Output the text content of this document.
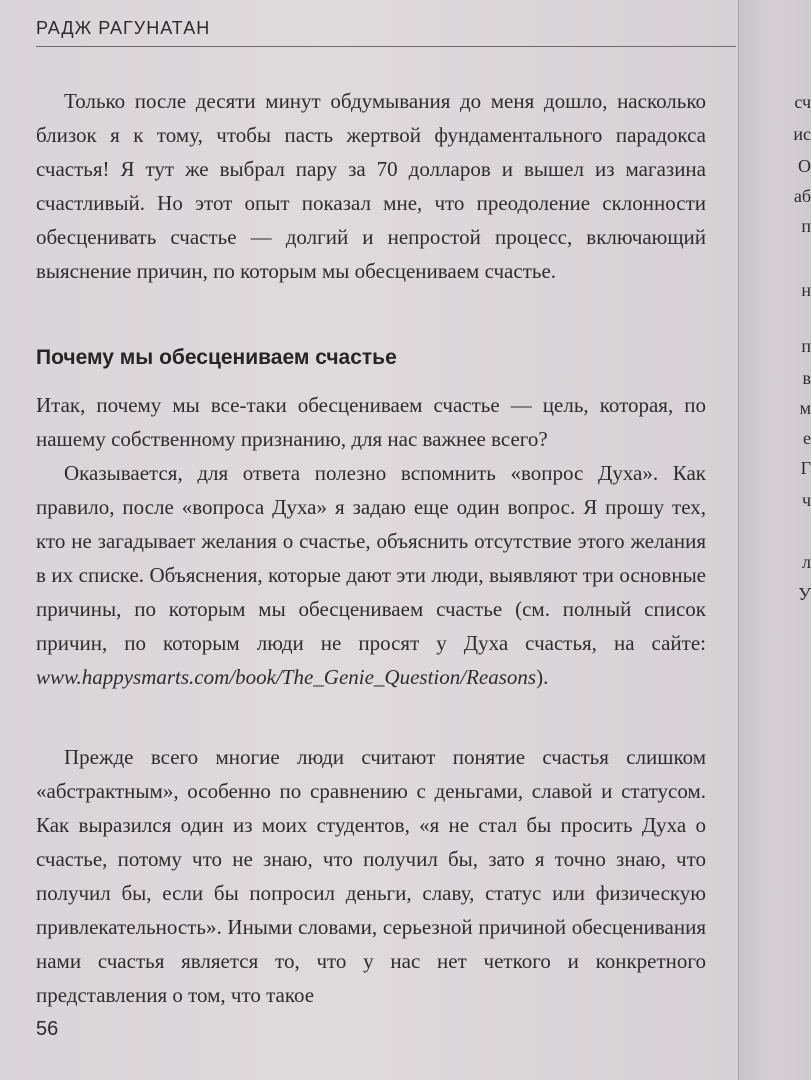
РАДЖ РАГУНАТАН

Только после десяти минут обдумывания до меня дошло, насколько близок я к тому, чтобы пасть жертвой фундаментального парадокса счастья! Я тут же выбрал пару за 70 долларов и вышел из магазина счастливый. Но этот опыт показал мне, что преодоление склонности обесценивать счастье — долгий и непростой процесс, включающий выяснение причин, по которым мы обесцениваем счастье.

Почему мы обесцениваем счастье

Итак, почему мы все-таки обесцениваем счастье — цель, которая, по нашему собственному признанию, для нас важнее всего?

Оказывается, для ответа полезно вспомнить «вопрос Духа». Как правило, после «вопроса Духа» я задаю еще один вопрос. Я прошу тех, кто не загадывает желания о счастье, объяснить отсутствие этого желания в их списке. Объяснения, которые дают эти люди, выявляют три основные причины, по которым мы обесцениваем счастье (см. полный список причин, по которым люди не просят у Духа счастья, на сайте: www.happysmarts.com/book/The_Genie_Question/Reasons).

Прежде всего многие люди считают понятие счастья слишком «абстрактным», особенно по сравнению с деньгами, славой и статусом. Как выразился один из моих студентов, «я не стал бы просить Духа о счастье, потому что не знаю, что получил бы, зато я точно знаю, что получил бы, если бы попросил деньги, славу, статус или физическую привлекательность». Иными словами, серьезной причиной обесценивания нами счастья является то, что у нас нет четкого и конкретного представления о том, что такое

56
сч
ис
О
аб
п
н
п
в
м
е
Г
ч
л
У
